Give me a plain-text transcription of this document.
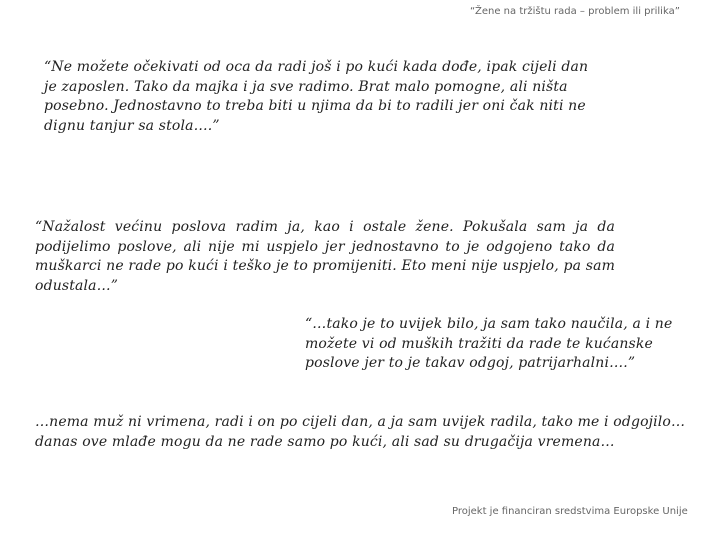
“Žene na tržištu rada – problem ili prilika”

“Ne možete očekivati od oca da radi još i po kući kada dođe, ipak cijeli dan je zaposlen. Tako da majka i ja sve radimo. Brat malo pomogne, ali ništa posebno. Jednostavno to treba biti u njima da bi to radili jer oni čak niti ne dignu tanjur sa stola….”

“Nažalost većinu poslova radim ja, kao i ostale žene. Pokušala sam ja da podijelimo poslove, ali nije mi uspjelo jer jednostavno to je odgojeno tako da muškarci ne rade po kući i teško je to promijeniti. Eto meni nije uspjelo, pa sam odustala…”

“…tako je to uvijek bilo, ja sam tako naučila, a i ne možete vi od muških tražiti da rade te kućanske poslove jer to je takav odgoj, patrijarhalni….”

…nema muž ni vrimena, radi i on po cijeli dan, a ja sam uvijek radila, tako me i odgojilo… danas ove mlađe mogu da ne rade samo po kući, ali sad su drugačija vremena…

Projekt je financiran sredstvima Europske Unije
